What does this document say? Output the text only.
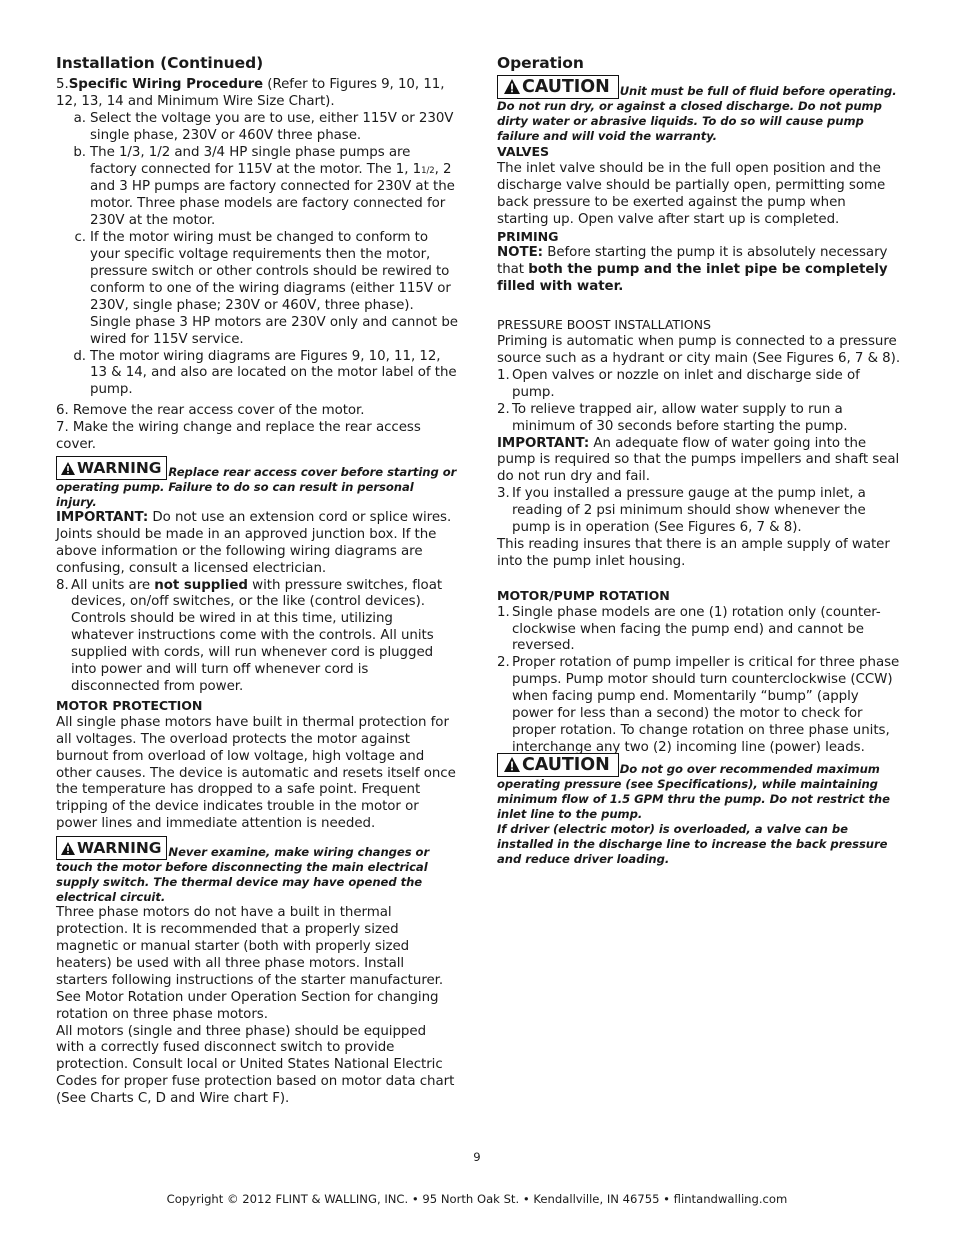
Installation (Continued)

5.Specific Wiring Procedure (Refer to Figures 9, 10, 11, 12, 13, 14 and Minimum Wire Size Chart).

a. Select the voltage you are to use, either 115V or 230V single phase, 230V or 460V three phase.
b. The 1/3, 1/2 and 3/4 HP single phase pumps are factory connected for 115V at the motor. The 1, 11/2, 2 and 3 HP pumps are factory connected for 230V at the motor. Three phase models are factory connected for 230V at the motor.
c. If the motor wiring must be changed to conform to your specific voltage requirements then the motor, pressure switch or other controls should be rewired to conform to one of the wiring diagrams (either 115V or 230V, single phase; 230V or 460V, three phase). Single phase 3 HP motors are 230V only and cannot be wired for 115V service.
d. The motor wiring diagrams are Figures 9, 10, 11, 12, 13 & 14, and also are located on the motor label of the pump.

6. Remove the rear access cover of the motor.

7. Make the wiring change and replace the rear access cover.

WARNING Replace rear access cover before starting or operating pump. Failure to do so can result in personal injury.

IMPORTANT: Do not use an extension cord or splice wires. Joints should be made in an approved junction box. If the above information or the following wiring diagrams are confusing, consult a licensed electrician.

8. All units are not supplied with pressure switches, float devices, on/off switches, or the like (control devices). Controls should be wired in at this time, utilizing whatever instructions come with the controls. All units supplied with cords, will run whenever cord is plugged into power and will turn off whenever cord is disconnected from power.

MOTOR PROTECTION

All single phase motors have built in thermal protection for all voltages. The overload protects the motor against burnout from overload of low voltage, high voltage and other causes. The device is automatic and resets itself once the temperature has dropped to a safe point. Frequent tripping of the device indicates trouble in the motor or power lines and immediate attention is needed.

WARNING Never examine, make wiring changes or touch the motor before disconnecting the main electrical supply switch. The thermal device may have opened the electrical circuit.

Three phase motors do not have a built in thermal protection. It is recommended that a properly sized magnetic or manual starter (both with properly sized heaters) be used with all three phase motors. Install starters following instructions of the starter manufacturer. See Motor Rotation under Operation Section for changing rotation on three phase motors.

All motors (single and three phase) should be equipped with a correctly fused disconnect switch to provide protection. Consult local or United States National Electric Codes for proper fuse protection based on motor data chart (See Charts C, D and Wire chart F).

Operation
CAUTION Unit must be full of fluid before operating. Do not run dry, or against a closed discharge. Do not pump dirty water or abrasive liquids. To do so will cause pump failure and will void the warranty.

VALVES

The inlet valve should be in the full open position and the discharge valve should be partially open, permitting some back pressure to be exerted against the pump when starting up. Open valve after start up is completed.

PRIMING

NOTE: Before starting the pump it is absolutely necessary that both the pump and the inlet pipe be completely filled with water.

PRESSURE BOOST INSTALLATIONS

Priming is automatic when pump is connected to a pressure source such as a hydrant or city main (See Figures 6, 7 & 8).

1. Open valves or nozzle on inlet and discharge side of pump.
2. To relieve trapped air, allow water supply to run a minimum of 30 seconds before starting the pump.

IMPORTANT: An adequate flow of water going into the pump is required so that the pumps impellers and shaft seal do not run dry and fail.

3. If you installed a pressure gauge at the pump inlet, a reading of 2 psi minimum should show whenever the pump is in operation (See Figures 6, 7 & 8).

This reading insures that there is an ample supply of water into the pump inlet housing.

MOTOR/PUMP ROTATION

1. Single phase models are one (1) rotation only (counter-clockwise when facing the pump end) and cannot be reversed.
2. Proper rotation of pump impeller is critical for three phase pumps. Pump motor should turn counterclockwise (CCW) when facing pump end. Momentarily “bump” (apply power for less than a second) the motor to check for proper rotation. To change rotation on three phase units, interchange any two (2) incoming line (power) leads.
CAUTION Do not go over recommended maximum operating pressure (see Specifications), while maintaining minimum flow of 1.5 GPM thru the pump. Do not restrict the inlet line to the pump.
If driver (electric motor) is overloaded, a valve can be installed in the discharge line to increase the back pressure and reduce driver loading.
9
Copyright © 2012 FLINT & WALLING, INC. • 95 North Oak St. • Kendallville, IN 46755 • flintandwalling.com
